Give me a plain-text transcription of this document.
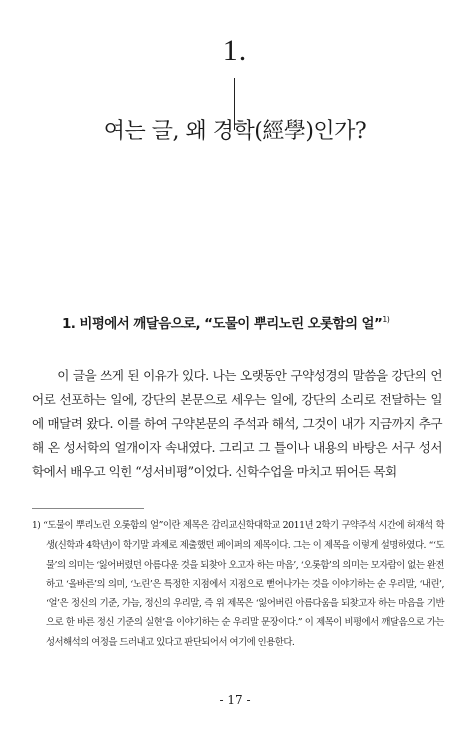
1.
여는 글, 왜 경학(經學)인가?
1. 비평에서 깨달음으로, “도물이 뿌리노린 오롯함의 얼”$^{1)}$

이 글을 쓰게 된 이유가 있다. 나는 오랫동안 구약성경의 말씀을 강단의 언어로 선포하는 일에, 강단의 본문으로 세우는 일에, 강단의 소리로 전달하는 일에 매달려 왔다. 이를 하여 구약본문의 주석과 해석, 그것이 내가 지금까지 추구해 온 성서학의 얼개이자 속내였다. 그리고 그 틀이나 내용의 바탕은 서구 성서학에서 배우고 익힌 “성서비평”이었다. 신학수업을 마치고 뛰어든 목회

1) “도물이 뿌리노린 오롯함의 얼”이란 제목은 감리교신학대학교 2011년 2학기 구약주석 시간에 허재석 학생(신학과 4학년)이 학기말 과제로 제출했던 페이퍼의 제목이다. 그는 이 제목을 이렇게 설명하였다. “‘도물’의 의미는 ‘잃어버렸던 아름다운 것을 되찾아 오고자 하는 마음’, ‘오롯함’의 의미는 모자람이 없는 완전하고 ‘올바른’의 의미, ‘노린’은 특정한 지점에서 지점으로 뻗어나가는 것을 이야기하는 순 우리말, ‘내린’, ‘얼’은 정신의 기준, 가늠, 정신의 우리말, 즉 위 제목은 ‘잃어버린 아름다움을 되찾고자 하는 마음을 기반으로 한 바른 정신 기준의 실현’을 이야기하는 순 우리말 문장이다.” 이 제목이 비평에서 깨달음으로 가는 성서해석의 여정을 드러내고 있다고 판단되어서 여기에 인용한다.

- 17 -
